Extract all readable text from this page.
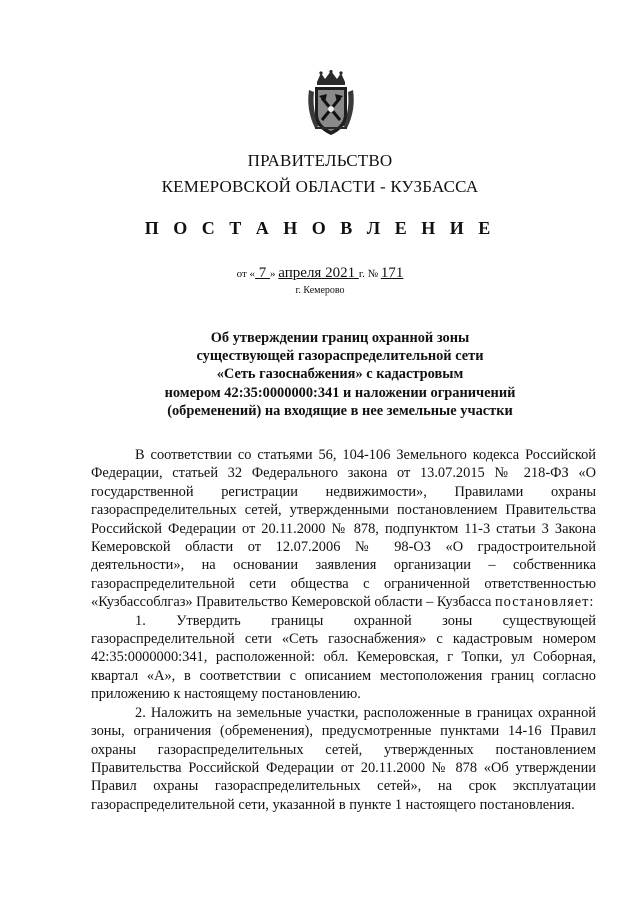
ПРАВИТЕЛЬСТВО
КЕМЕРОВСКОЙ ОБЛАСТИ - КУЗБАССА
П О С Т А Н О В Л Е Н И Е
от « 7 » апреля 2021 г. № 171
г. Кемерово
Об утверждении границ охранной зоны
существующей газораспределительной сети
«Сеть газоснабжения» с кадастровым
номером 42:35:0000000:341 и наложении ограничений
(обременений) на входящие в нее земельные участки

В соответствии со статьями 56, 104-106 Земельного кодекса Российской Федерации, статьей 32 Федерального закона от 13.07.2015 № 218-ФЗ «О государственной регистрации недвижимости», Правилами охраны газораспределительных сетей, утвержденными постановлением Правительства Российской Федерации от 20.11.2000 № 878, подпунктом 11-3 статьи 3 Закона Кемеровской области от 12.07.2006 № 98-ОЗ «О градостроительной деятельности», на основании заявления организации – собственника газораспределительной сети общества с ограниченной ответственностью «Кузбассоблгаз» Правительство Кемеровской области – Кузбасса постановляет:

1. Утвердить границы охранной зоны существующей газораспределительной сети «Сеть газоснабжения» с кадастровым номером 42:35:0000000:341, расположенной: обл. Кемеровская, г Топки, ул Соборная, квартал «А», в соответствии с описанием местоположения границ согласно приложению к настоящему постановлению.

2. Наложить на земельные участки, расположенные в границах охранной зоны, ограничения (обременения), предусмотренные пунктами 14-16 Правил охраны газораспределительных сетей, утвержденных постановлением Правительства Российской Федерации от 20.11.2000 № 878 «Об утверждении Правил охраны газораспределительных сетей», на срок эксплуатации газораспределительной сети, указанной в пункте 1 настоящего постановления.
